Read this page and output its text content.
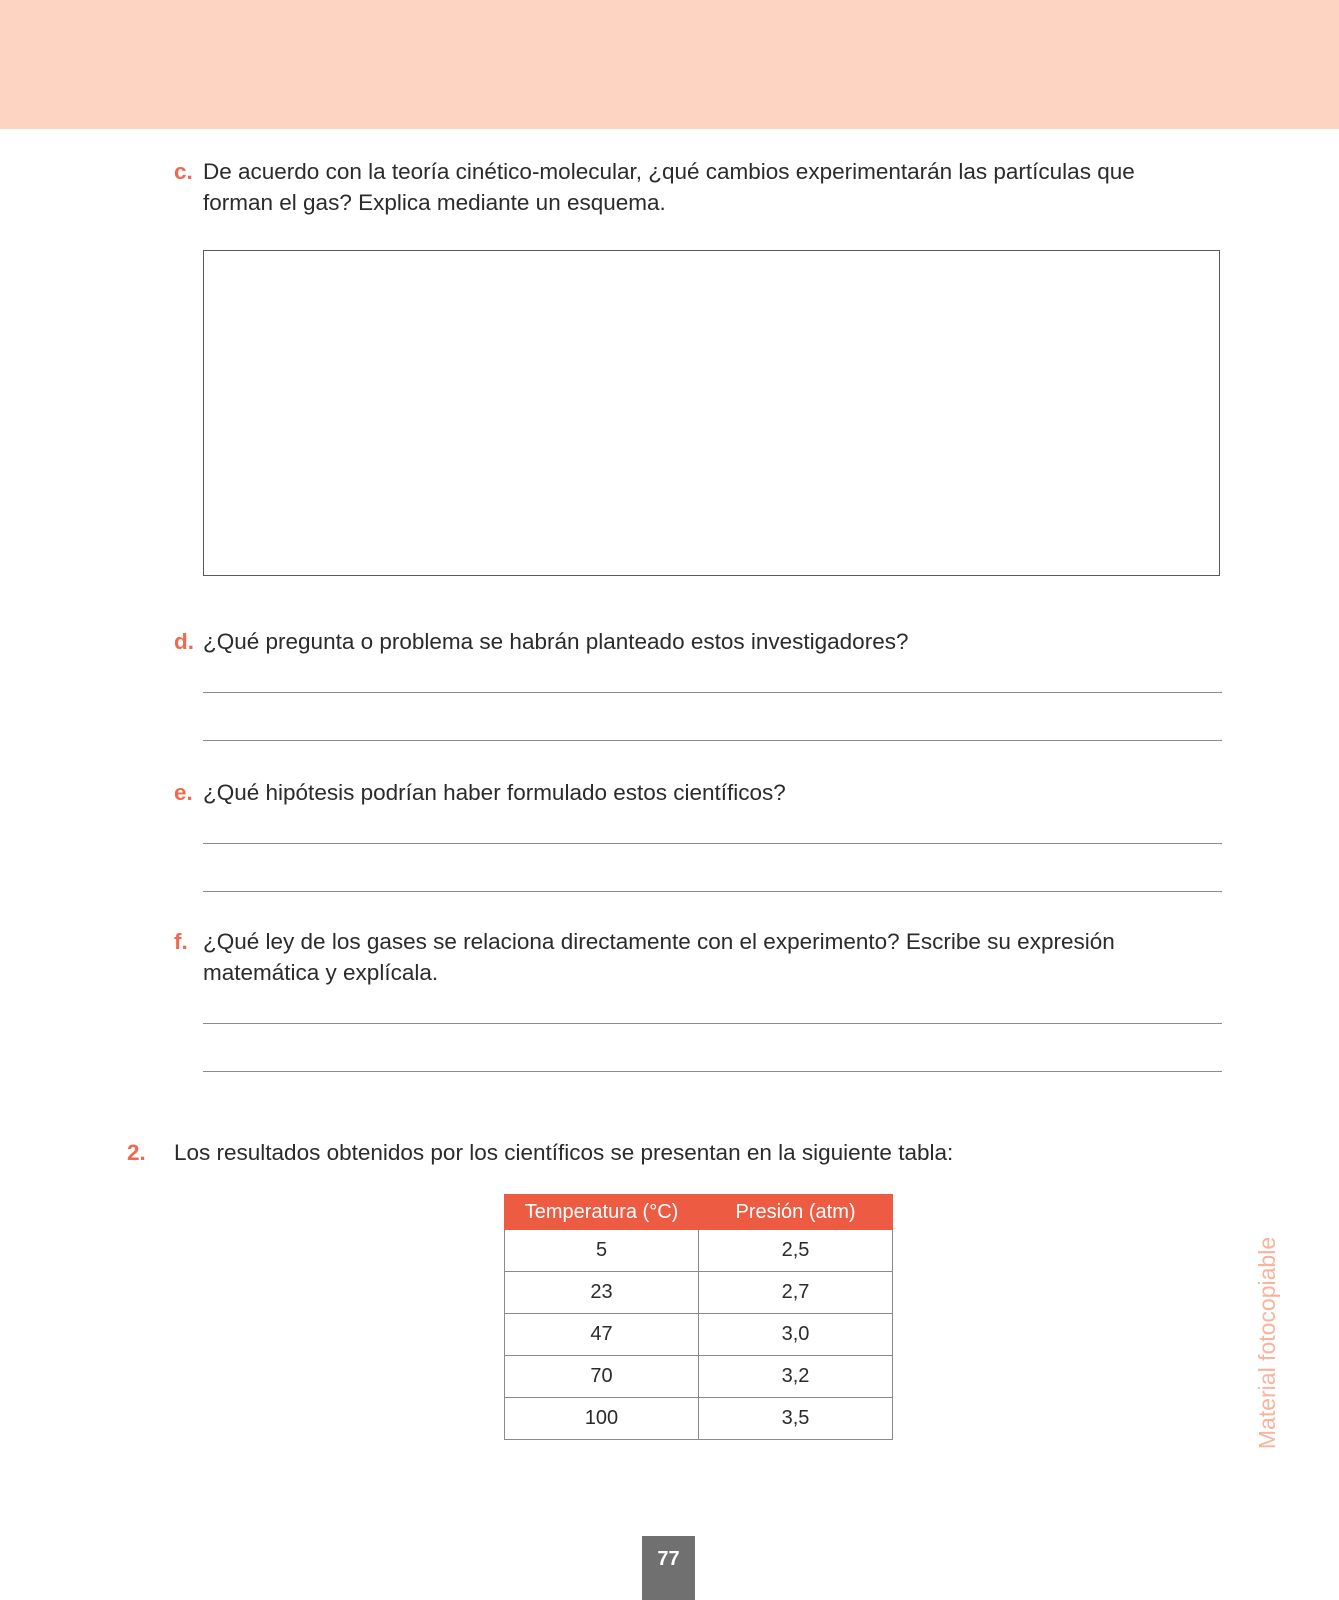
c. De acuerdo con la teoría cinético-molecular, ¿qué cambios experimentarán las partículas que forman el gas? Explica mediante un esquema.
d. ¿Qué pregunta o problema se habrán planteado estos investigadores?
e. ¿Qué hipótesis podrían haber formulado estos científicos?
f. ¿Qué ley de los gases se relaciona directamente con el experimento? Escribe su expresión matemática y explícala.
2. Los resultados obtenidos por los científicos se presentan en la siguiente tabla:
Temperatura (°C)	Presión (atm)
5	2,5
23	2,7
47	3,0
70	3,2
100	3,5	Material fotocopiable
77
